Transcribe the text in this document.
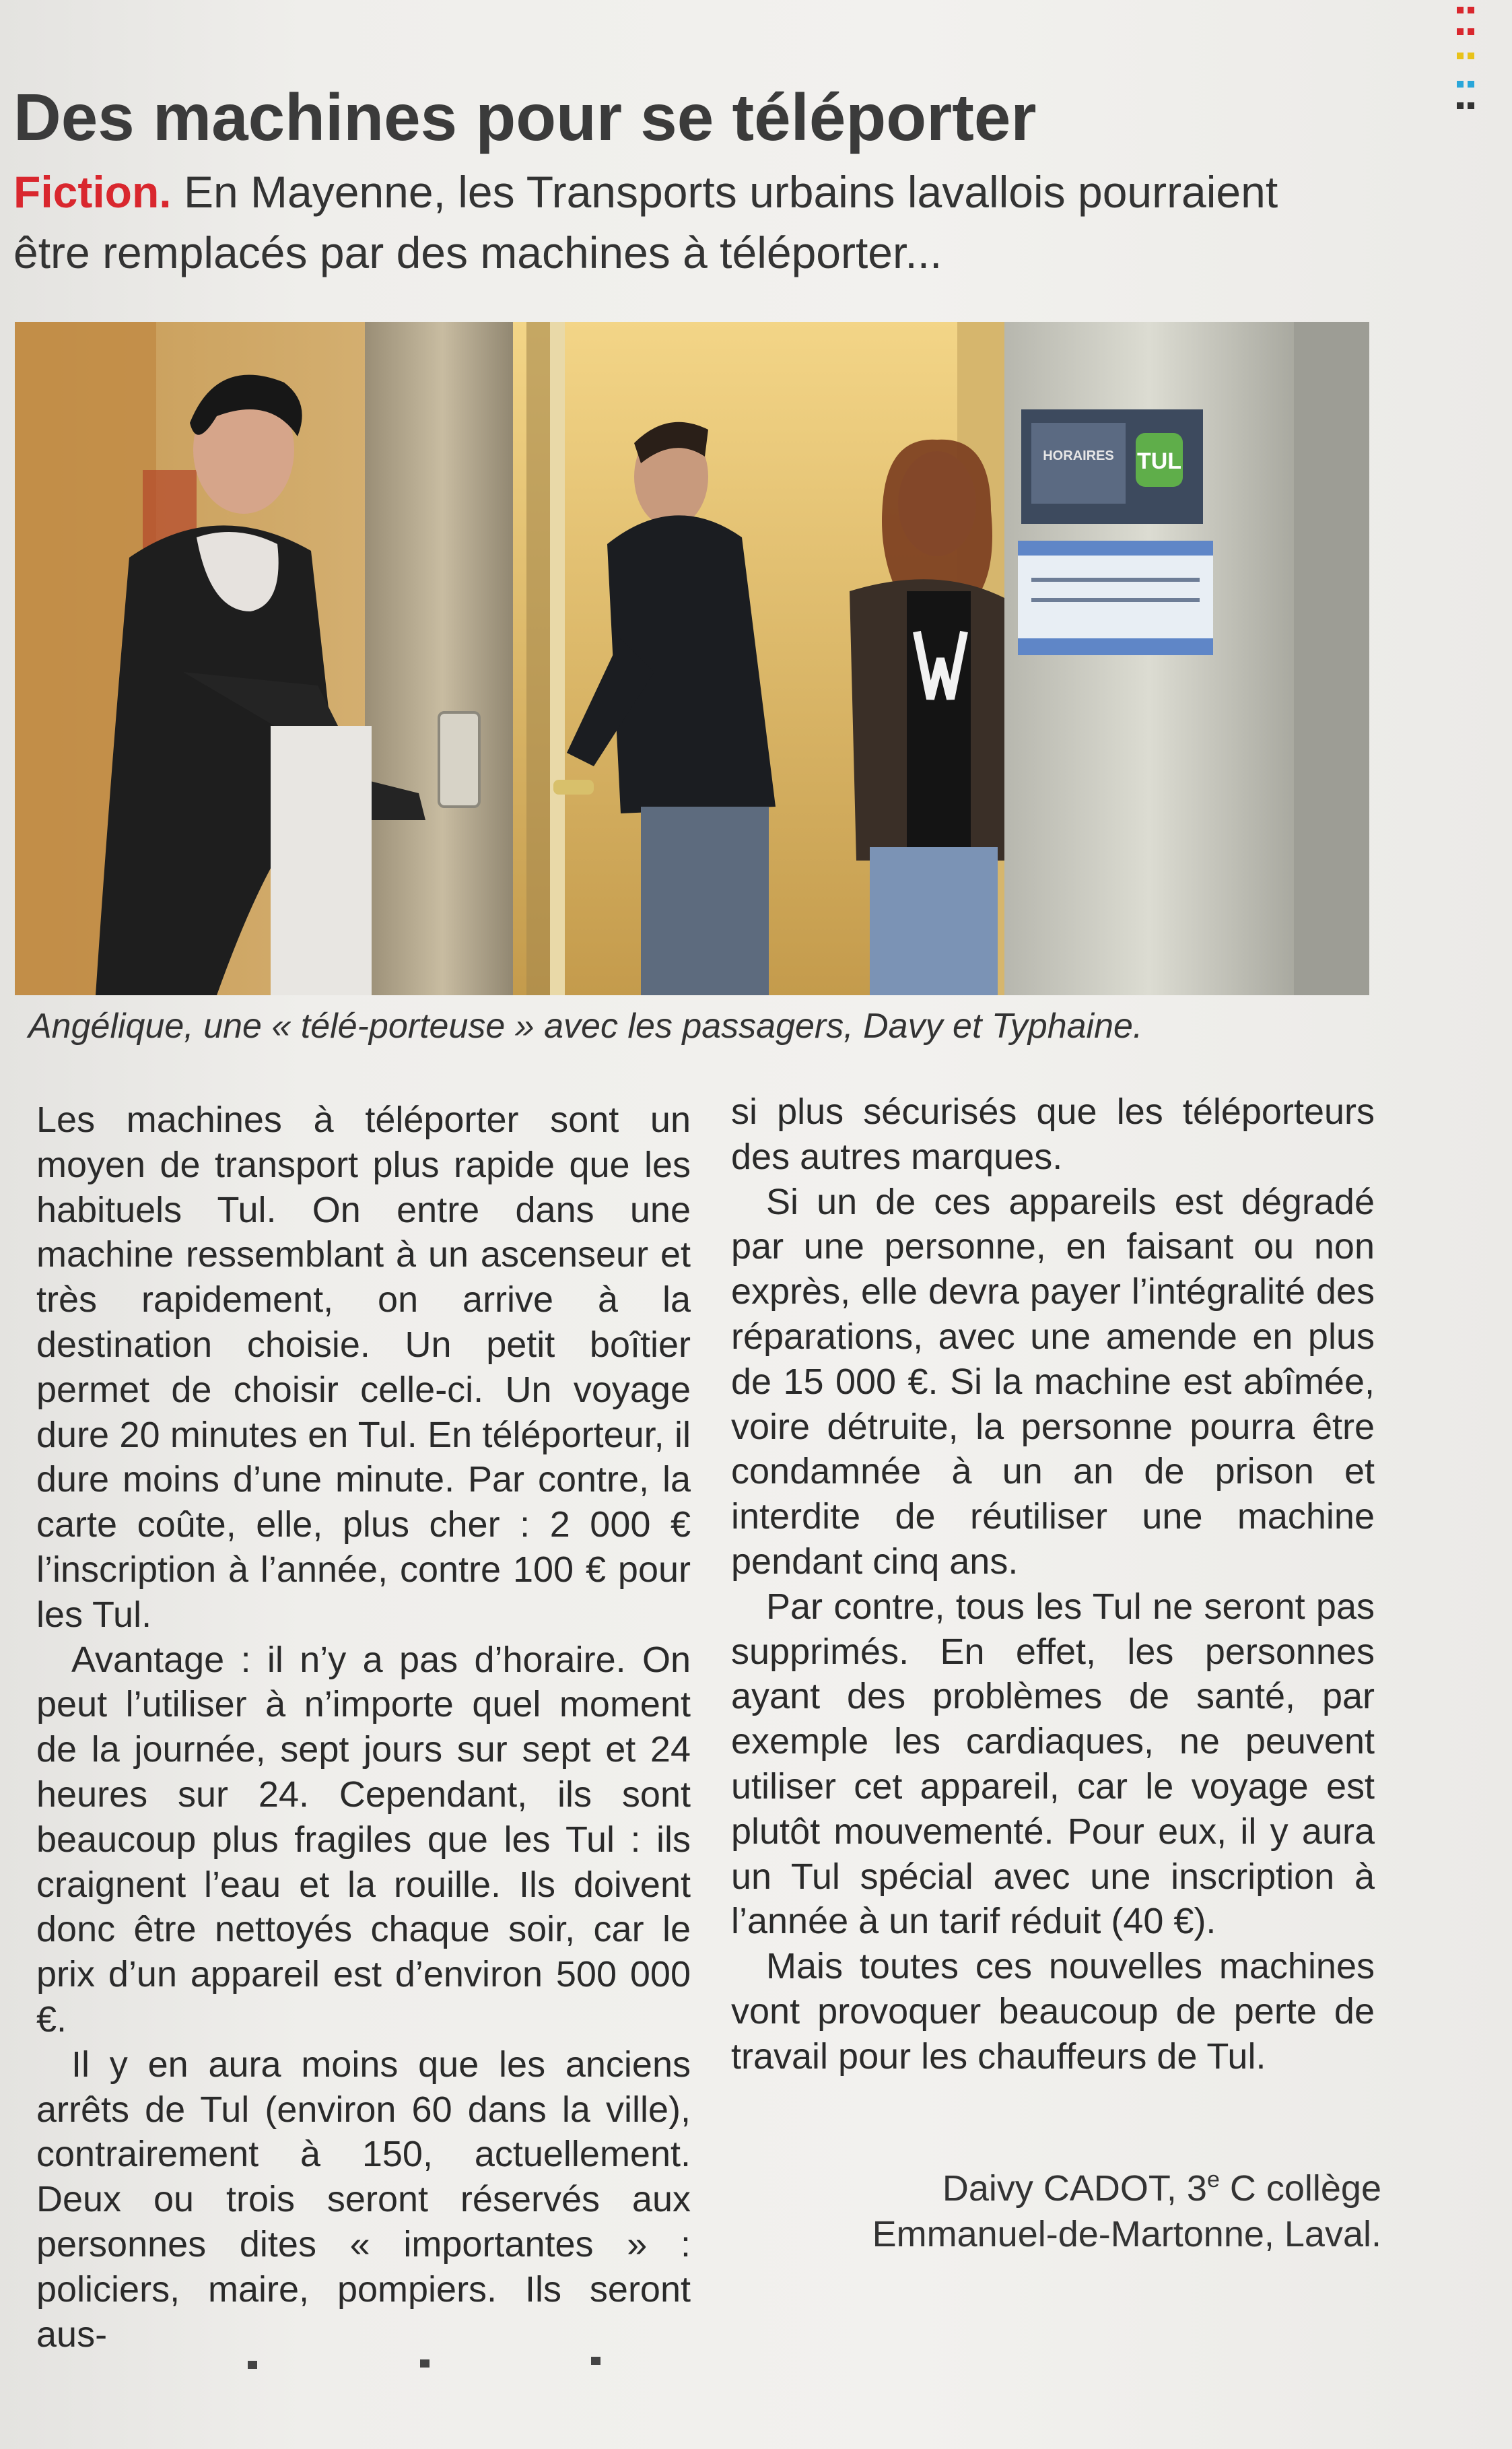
Des machines pour se téléporter

Fiction. En Mayenne, les Transports urbains lavallois pourraient être remplacés par des machines à téléporter...

TUL
HORAIRES

Angélique, une « télé-porteuse » avec les passagers, Davy et Typhaine.

Les machines à téléporter sont un moyen de transport plus rapide que les habituels Tul. On entre dans une machine ressemblant à un ascenseur et très rapidement, on arrive à la destination choisie. Un petit boîtier permet de choisir celle-ci. Un voyage dure 20 minutes en Tul. En téléporteur, il dure moins d’une minute. Par contre, la carte coûte, elle, plus cher : 2 000 € l’inscription à l’année, contre 100 € pour les Tul.

Avantage : il n’y a pas d’horaire. On peut l’utiliser à n’importe quel moment de la journée, sept jours sur sept et 24 heures sur 24. Cependant, ils sont beaucoup plus fragiles que les Tul : ils craignent l’eau et la rouille. Ils doivent donc être nettoyés chaque soir, car le prix d’un appareil est d’environ 500 000 €.

Il y en aura moins que les anciens arrêts de Tul (environ 60 dans la ville), contrairement à 150, actuellement. Deux ou trois seront réservés aux personnes dites « importantes » : policiers, maire, pompiers. Ils seront aus-

si plus sécurisés que les téléporteurs des autres marques.

Si un de ces appareils est dégradé par une personne, en faisant ou non exprès, elle devra payer l’intégralité des réparations, avec une amende en plus de 15 000 €. Si la machine est abîmée, voire détruite, la personne pourra être condamnée à un an de prison et interdite de réutiliser une machine pendant cinq ans.

Par contre, tous les Tul ne seront pas supprimés. En effet, les personnes ayant des problèmes de santé, par exemple les cardiaques, ne peuvent utiliser cet appareil, car le voyage est plutôt mouvementé. Pour eux, il y aura un Tul spécial avec une inscription à l’année à un tarif réduit (40 €).

Mais toutes ces nouvelles machines vont provoquer beaucoup de perte de travail pour les chauffeurs de Tul.

Daivy CADOT, 3e C collège
Emmanuel-de-Martonne, Laval.
